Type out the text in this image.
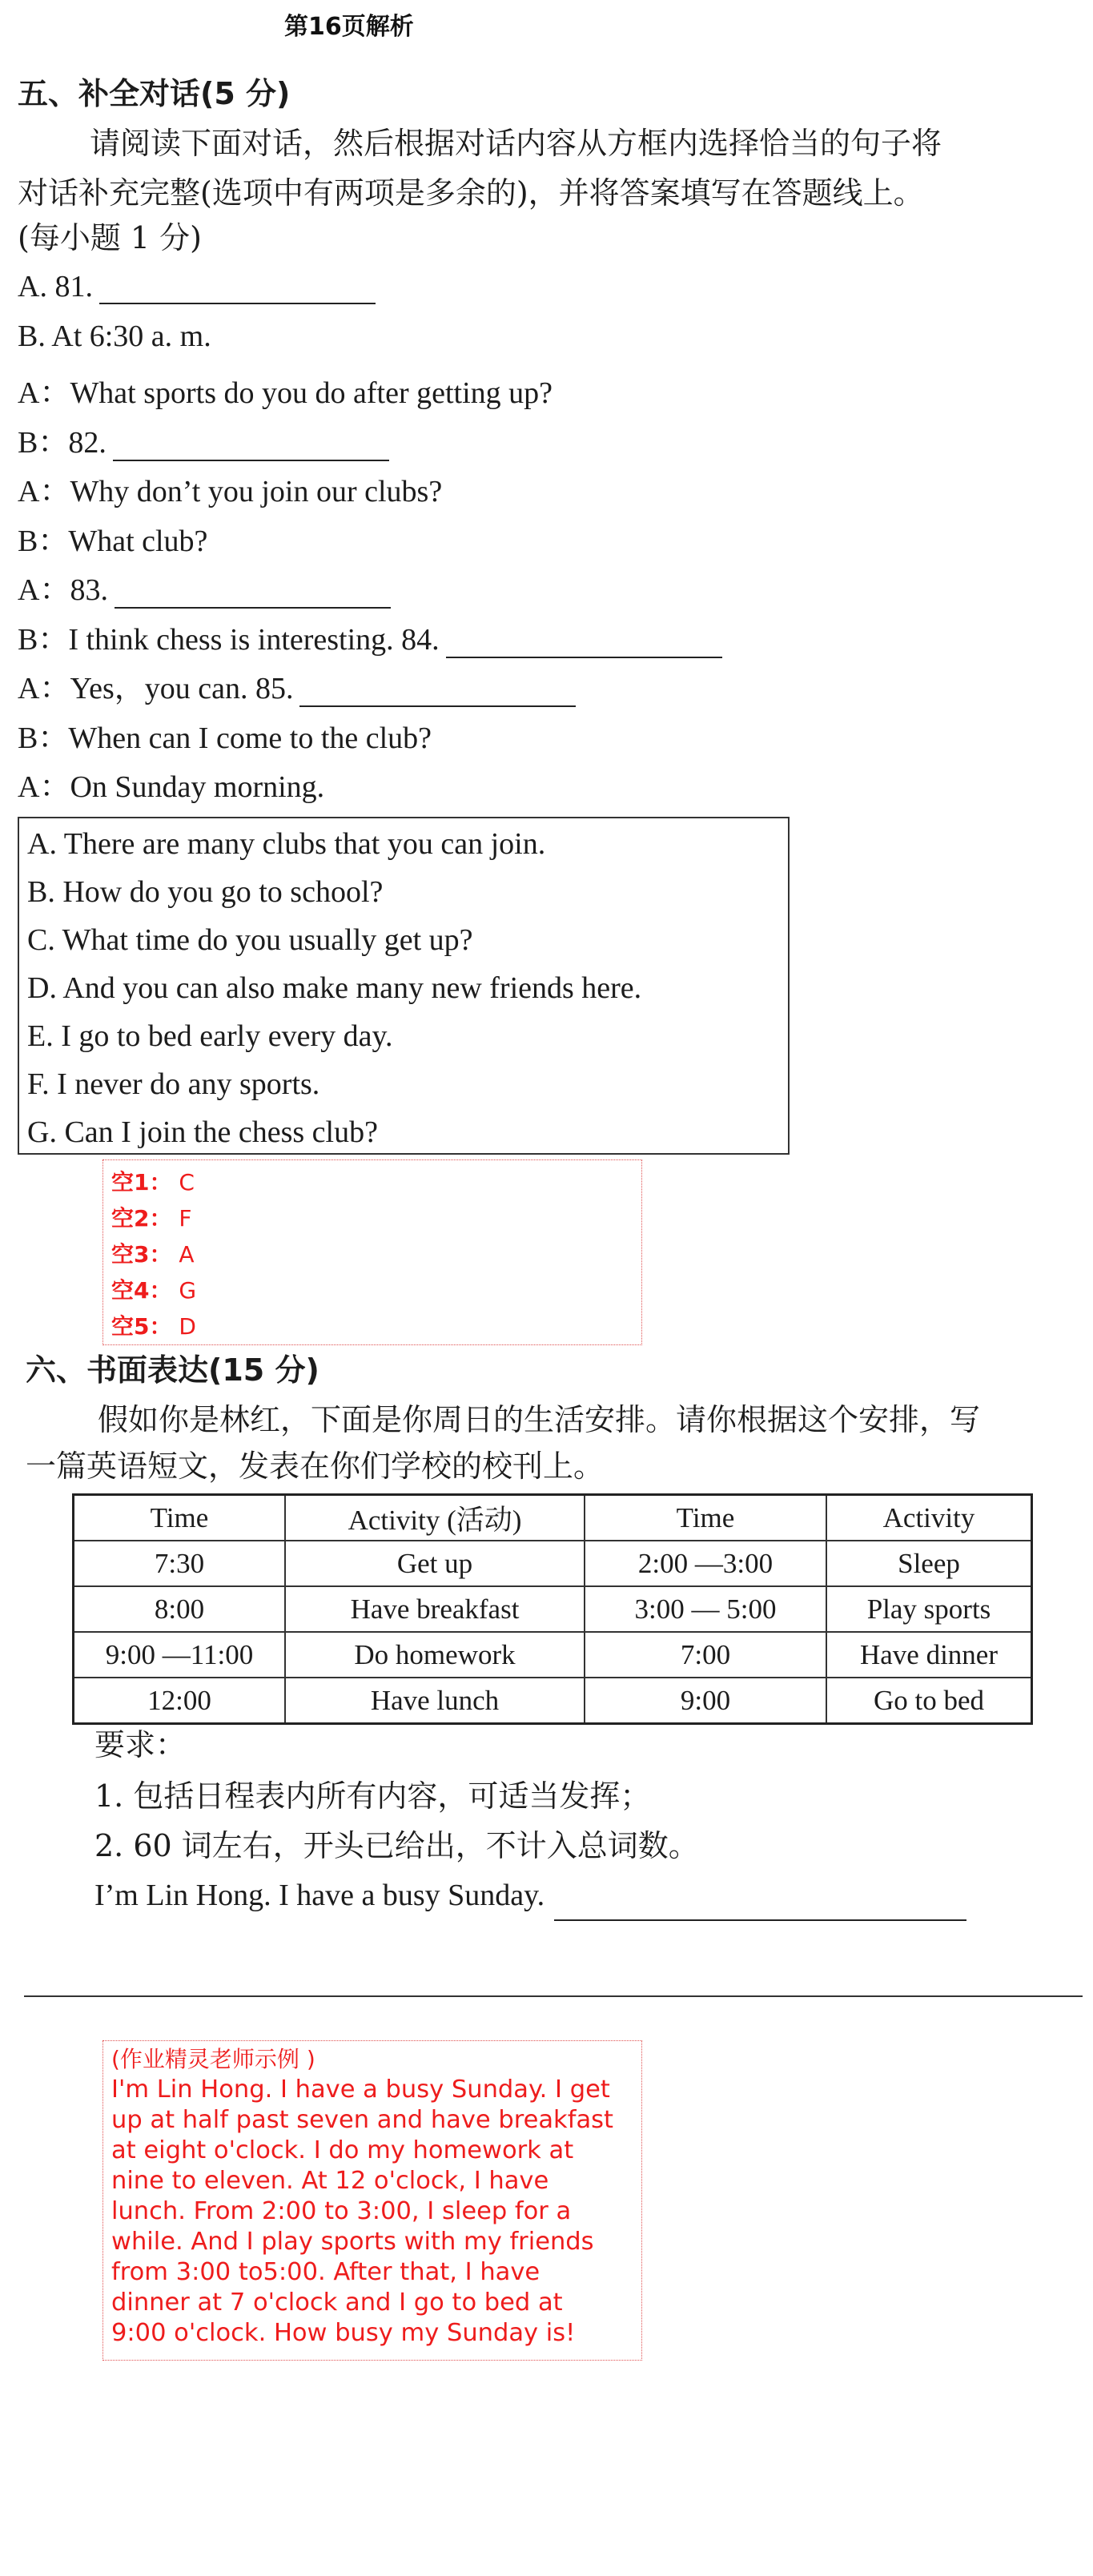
第16页解析
五、补全对话(5 分)
请阅读下面对话，然后根据对话内容从方框内选择恰当的句子将
对话补充完整(选项中有两项是多余的)，并将答案填写在答题线上。
(每小题 1 分)
A. 81.
B. At 6:30 a. m.
A：What sports do you do after getting up?
B：82.
A：Why don’t you join our clubs?
B：What club?
A：83.
B：I think chess is interesting. 84.
A：Yes，you can. 85.
B：When can I come to the club?
A：On Sunday morning.
A. There are many clubs that you can join.
B. How do you go to school?
C. What time do you usually get up?
D. And you can also make many new friends here.
E. I go to bed early every day.
F. I never do any sports.
G. Can I join the chess club?
空1： C
空2： F
空3： A
空4： G
空5： D
六、书面表达(15 分)
假如你是林红，下面是你周日的生活安排。请你根据这个安排，写
一篇英语短文，发表在你们学校的校刊上。
Time	Activity (活动)	Time	Activity
7:30	Get up	2:00 —3:00	Sleep
8:00	Have breakfast	3:00 — 5:00	Play sports
9:00 —11:00	Do homework	7:00	Have dinner
12:00	Have lunch	9:00	Go to bed
要求：
1. 包括日程表内所有内容，可适当发挥；
2. 60 词左右，开头已给出，不计入总词数。
I’m Lin Hong. I have a busy Sunday.
(作业精灵老师示例 )
I'm Lin Hong. I have a busy Sunday. I get
up at half past seven and have breakfast
at eight o'clock. I do my homework at
nine to eleven. At 12 o'clock, I have
lunch. From 2:00 to 3:00, I sleep for a
while. And I play sports with my friends
from 3:00 to5:00. After that, I have
dinner at 7 o'clock and I go to bed at
9:00 o'clock. How busy my Sunday is!
